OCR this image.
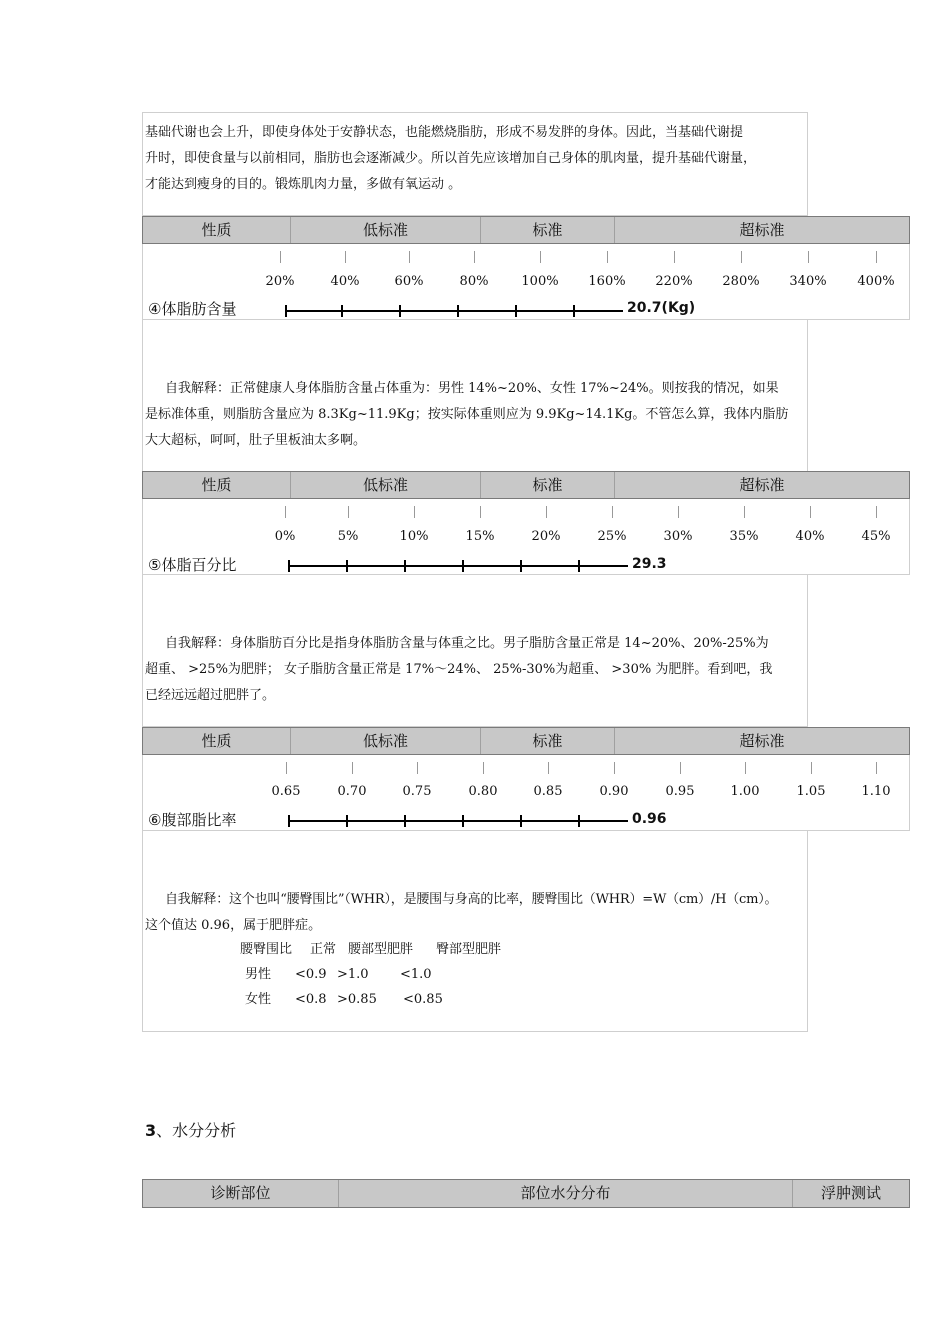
基础代谢也会上升，即使身体处于安静状态，也能燃烧脂肪，形成不易发胖的身体。因此，当基础代谢提

升时，即使食量与以前相同，脂肪也会逐渐减少。所以首先应该增加自己身体的肌肉量，提升基础代谢量，

才能达到瘦身的目的。锻炼肌肉力量，多做有氧运动 。

性质	低标准	标准	超标准
20%	40%	60%	80%	100% 160% 220% 280% 340% 400%
④体脂肪含量	20.7(Kg)

自我解释：正常健康人身体脂肪含量占体重为：男性 14%~20%、女性 17%~24%。则按我的情况，如果

是标准体重，则脂肪含量应为 8.3Kg~11.9Kg；按实际体重则应为 9.9Kg~14.1Kg。不管怎么算，我体内脂肪

大大超标，呵呵，肚子里板油太多啊。

性质	低标准	标准	超标准
0%	5%	10%	15%	20%	25%	30%	35%	40%	45%
⑤体脂百分比	29.3

自我解释：身体脂肪百分比是指身体脂肪含量与体重之比。男子脂肪含量正常是 14~20%、20%-25%为

超重、 >25%为肥胖； 女子脂肪含量正常是 17%～24%、 25%-30%为超重、 >30% 为肥胖。看到吧，我

已经远远超过肥胖了。

性质	低标准	标准	超标准
0.65	0.70	0.75	0.80	0.85	0.90	0.95	1.00	1.05	1.10
⑥腹部脂比率	0.96

自我解释：这个也叫“腰臀围比”（WHR），是腰围与身高的比率，腰臀围比（WHR）=W（cm）/H（cm）。

这个值达 0.96，属于肥胖症。

腰臀围比 正常 腰部型肥胖 臀部型肥胖
男性 <0.9 >1.0 <1.0
女性 <0.8 >0.85 <0.85
3、水分分析
诊断部位	部位水分分布	浮肿测试
